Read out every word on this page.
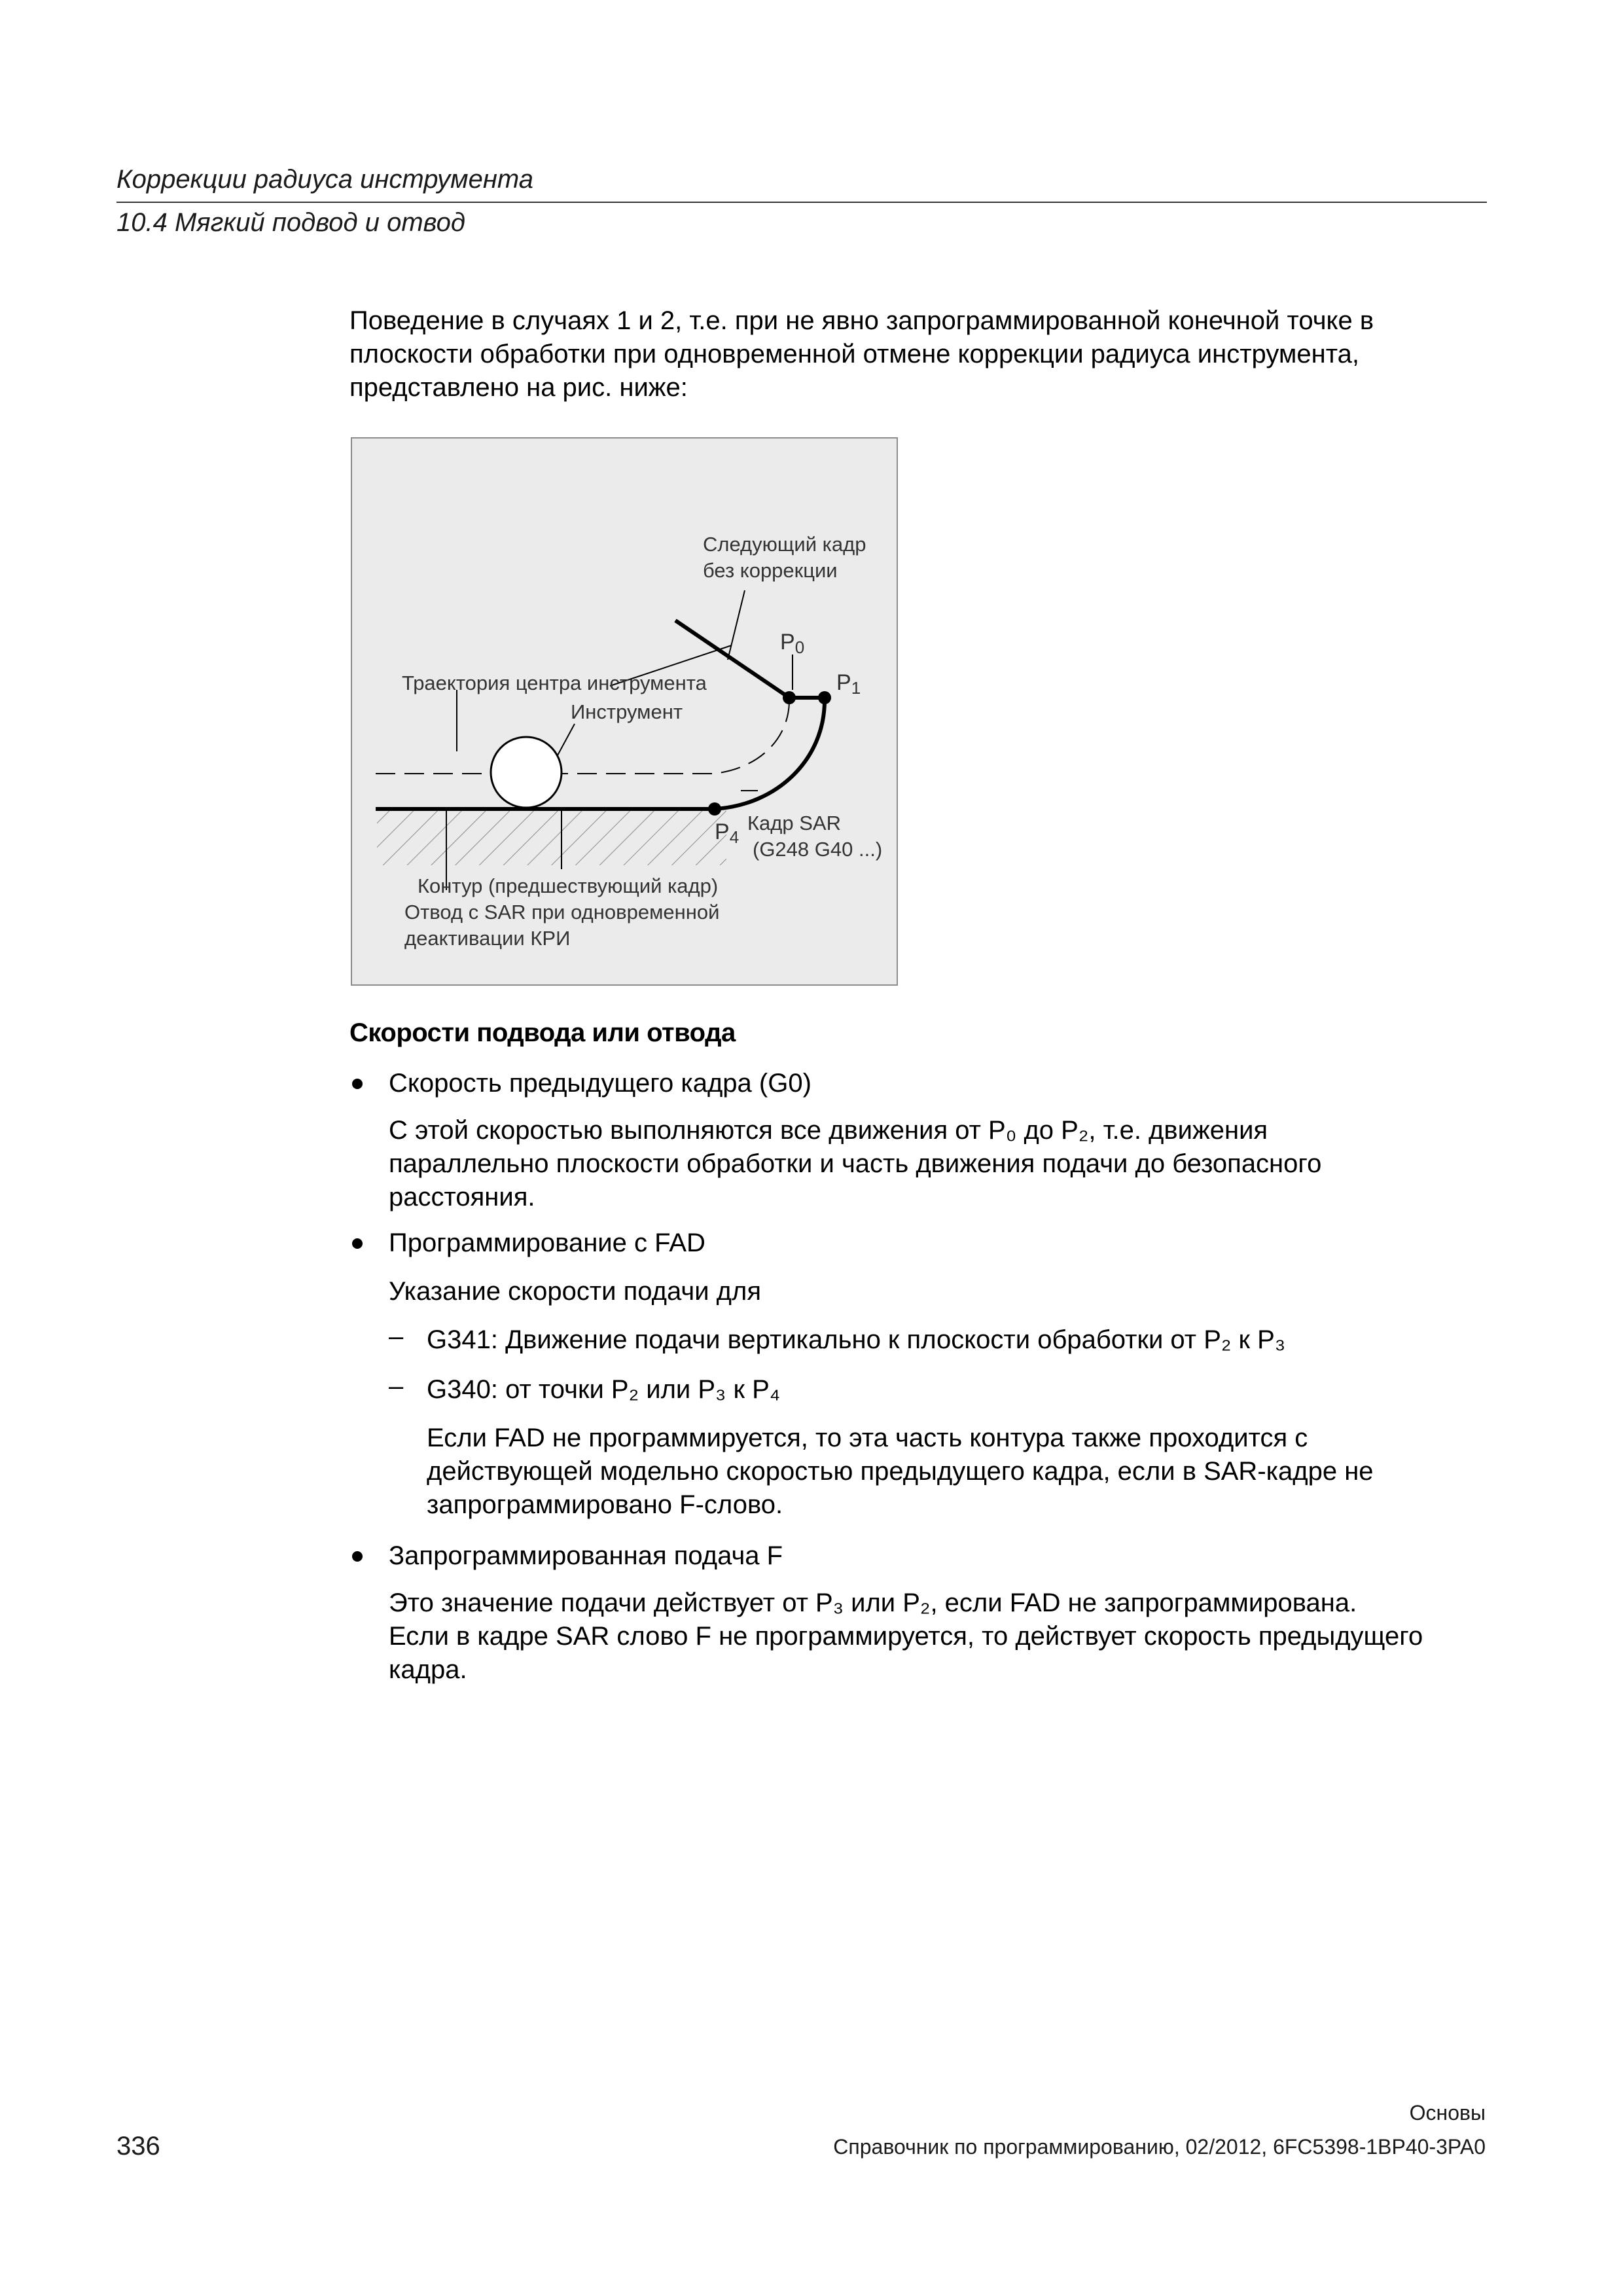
Коррекции радиуса инструмента
10.4 Мягкий подвод и отвод
Поведение в случаях 1 и 2, т.е. при не явно запрограммированной конечной точке в
плоскости обработки при одновременной отмене коррекции радиуса инструмента,
представлено на рис. ниже:
Следующий кадр
без коррекции
P0
P1
P4
Траектория центра инструмента
Инструмент
Кадр SAR
(G248 G40 ...)
Контур (предшествующий кадр)
Отвод с SAR при одновременной
деактивации КРИ
Скорости подвода или отвода
Скорость предыдущего кадра (G0)
С этой скоростью выполняются все движения от P₀ до P₂, т.е. движения
параллельно плоскости обработки и часть движения подачи до безопасного
расстояния.
Программирование с FAD
Указание скорости подачи для
– G341: Движение подачи вертикально к плоскости обработки от P₂ к P₃
– G340: от точки P₂ или P₃ к P₄
Если FAD не программируется, то эта часть контура также проходится с
действующей модельно скоростью предыдущего кадра, если в SAR-кадре не
запрограммировано F-слово.
Запрограммированная подача F
Это значение подачи действует от P₃ или P₂, если FAD не запрограммирована.
Если в кадре SAR слово F не программируется, то действует скорость предыдущего
кадра.
Основы
336	Справочник по программированию, 02/2012, 6FC5398-1BP40-3PA0
